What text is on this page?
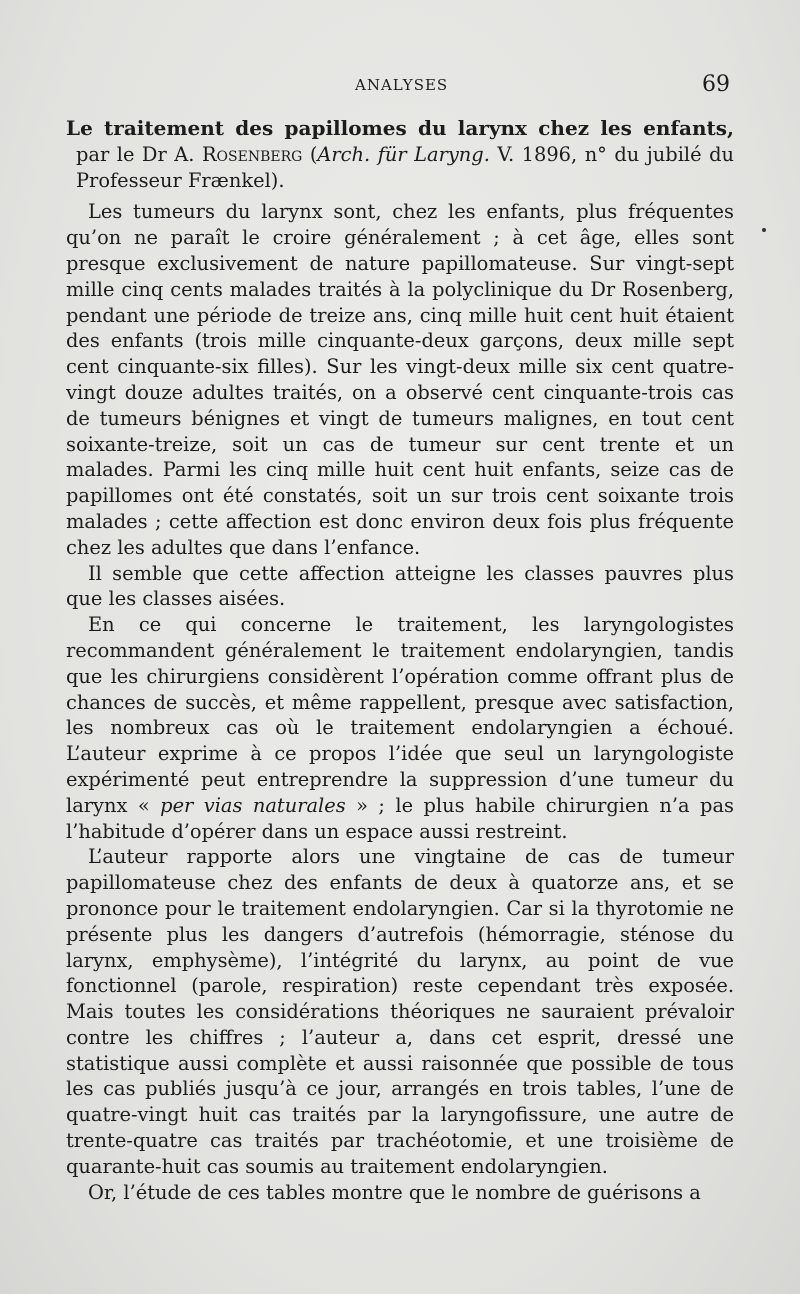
ANALYSES	69

Le traitement des papillomes du larynx chez les enfants, par le Dr A. Rosenberg (Arch. für Laryng. V. 1896, n° du jubilé du Professeur Frænkel).

Les tumeurs du larynx sont, chez les enfants, plus fréquentes qu’on ne paraît le croire généralement ; à cet âge, elles sont presque exclusivement de nature papillomateuse. Sur vingt-sept mille cinq cents malades traités à la polyclinique du Dr Rosenberg, pendant une période de treize ans, cinq mille huit cent huit étaient des enfants (trois mille cinquante-deux garçons, deux mille sept cent cinquante-six filles). Sur les vingt-deux mille six cent quatre-vingt douze adultes traités, on a observé cent cinquante-trois cas de tumeurs bénignes et vingt de tumeurs malignes, en tout cent soixante-treize, soit un cas de tumeur sur cent trente et un malades. Parmi les cinq mille huit cent huit enfants, seize cas de papillomes ont été constatés, soit un sur trois cent soixante trois malades ; cette affection est donc environ deux fois plus fréquente chez les adultes que dans l’enfance.

Il semble que cette affection atteigne les classes pauvres plus que les classes aisées.

En ce qui concerne le traitement, les laryngologistes recommandent généralement le traitement endolaryngien, tandis que les chirurgiens considèrent l’opération comme offrant plus de chances de succès, et même rappellent, presque avec satisfaction, les nombreux cas où le traitement endolaryngien a échoué. L’auteur exprime à ce propos l’idée que seul un laryngologiste expérimenté peut entreprendre la suppression d’une tumeur du larynx « per vias naturales » ; le plus habile chirurgien n’a pas l’habitude d’opérer dans un espace aussi restreint.

L’auteur rapporte alors une vingtaine de cas de tumeur papillomateuse chez des enfants de deux à quatorze ans, et se prononce pour le traitement endolaryngien. Car si la thyrotomie ne présente plus les dangers d’autrefois (hémorragie, sténose du larynx, emphysème), l’intégrité du larynx, au point de vue fonctionnel (parole, respiration) reste cependant très exposée. Mais toutes les considérations théoriques ne sauraient prévaloir contre les chiffres ; l’auteur a, dans cet esprit, dressé une statistique aussi complète et aussi raisonnée que possible de tous les cas publiés jusqu’à ce jour, arrangés en trois tables, l’une de quatre-vingt huit cas traités par la laryngofissure, une autre de trente-quatre cas traités par trachéotomie, et une troisième de quarante-huit cas soumis au traitement endolaryngien.

Or, l’étude de ces tables montre que le nombre de guérisons a
